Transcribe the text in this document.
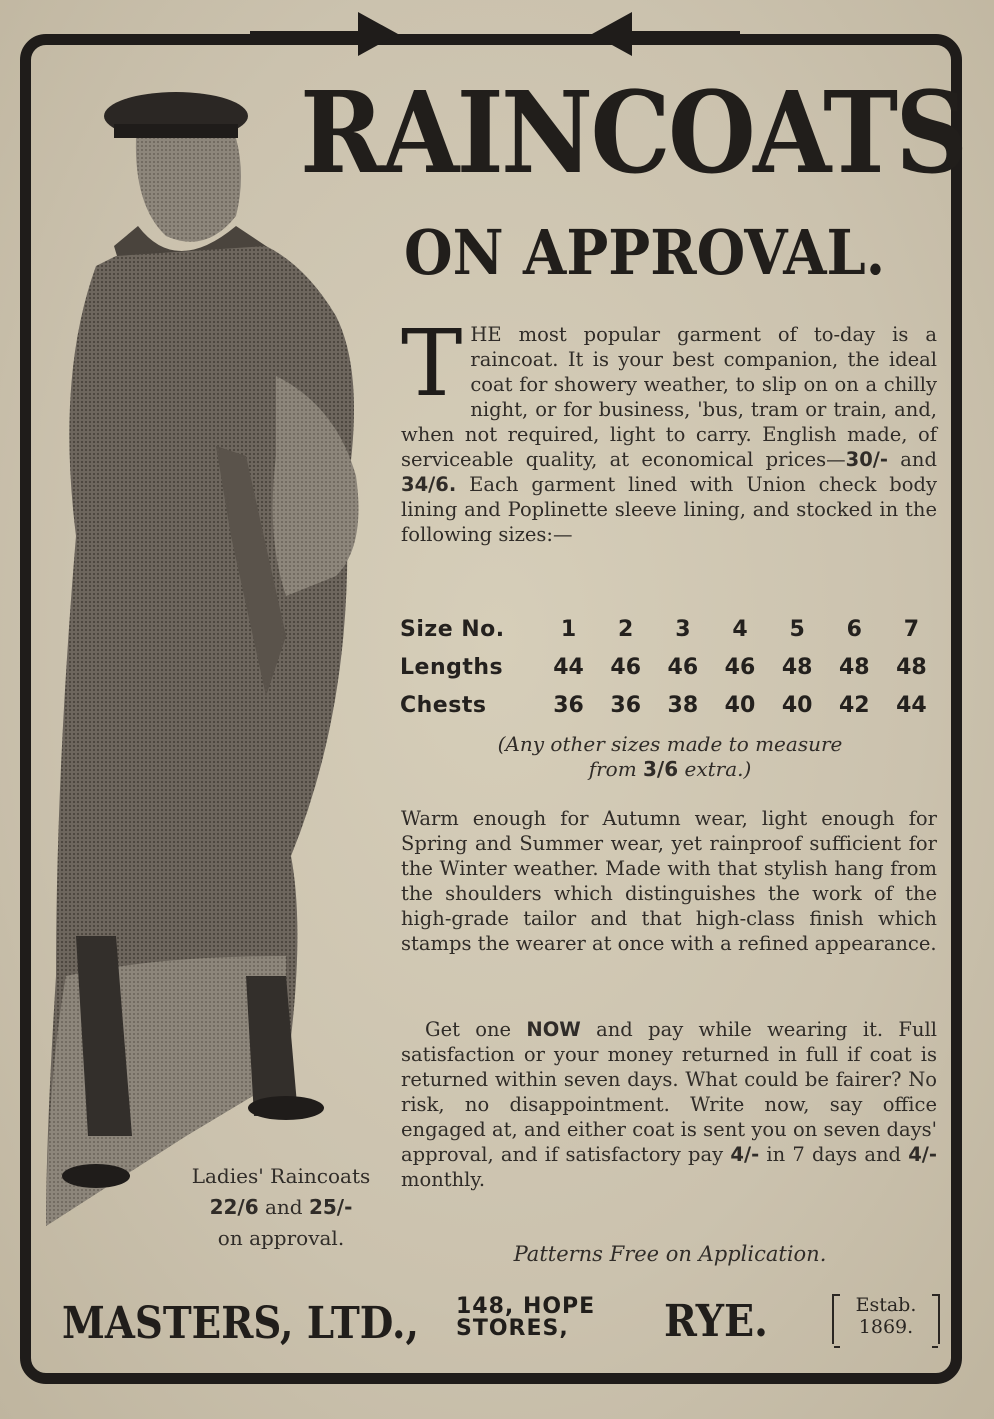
RAINCOATS
ON APPROVAL.
THE most popular garment of to-day is a raincoat. It is your best companion, the ideal coat for showery weather, to slip on on a chilly night, or for business, 'bus, tram or train, and, when not required, light to carry. English made, of serviceable quality, at economical prices—30/- and 34/6. Each garment lined with Union check body lining and Poplinette sleeve lining, and stocked in the following sizes:—
Size No.	1	2	3	4	5	6	7
Lengths	44	46	46	46	48	48	48
Chests	36	36	38	40	40	42	44
(Any other sizes made to measure
from 3/6 extra.)
Warm enough for Autumn wear, light enough for Spring and Summer wear, yet rainproof sufficient for the Winter weather. Made with that stylish hang from the shoulders which distinguishes the work of the high-grade tailor and that high-class finish which stamps the wearer at once with a refined appearance.
Get one NOW and pay while wearing it. Full satisfaction or your money returned in full if coat is returned within seven days. What could be fairer? No risk, no disappointment. Write now, say office engaged at, and either coat is sent you on seven days' approval, and if satisfactory pay 4/- in 7 days and 4/- monthly.
Patterns Free on Application.
Ladies' Raincoats
22/6 and 25/-
on approval.
MASTERS, LTD., 148, HOPE
STORES,	RYE.	Estab.
1869.
